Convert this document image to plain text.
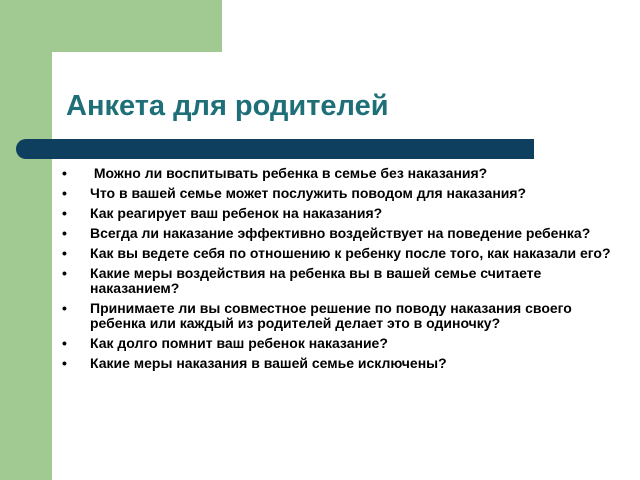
Анкета для родителей
•	Можно ли воспитывать ребенка в семье без наказания?
•	Что в вашей семье может послужить поводом для наказания?
•	Как реагирует ваш ребенок на наказания?
•	Всегда ли наказание эффективно воздействует на поведение ребенка?
•	Как вы ведете себя по отношению к ребенку после того, как наказали его?
•	Какие меры воздействия на ребенка вы в вашей семье считаете наказанием?
•	Принимаете ли вы совместное решение по поводу наказания своего ребенка или каждый из родителей делает это в одиночку?
•	Как долго помнит ваш ребенок наказание?
•	Какие меры наказания в вашей семье исключены?
